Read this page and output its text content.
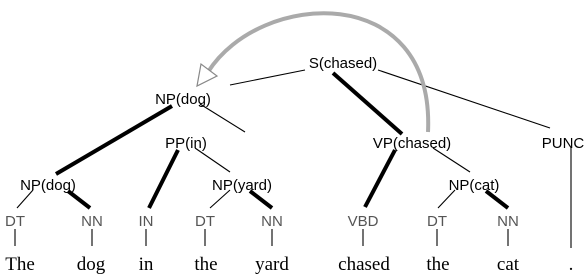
S(chased)
NP(dog)
PP(in)	VP(chased)	PUNC
NP(dog)	NP(yard)	NP(cat)
DT	NN IN	DT	NN	VBD	DT	NN
The dog in the yard	chased the cat	.
